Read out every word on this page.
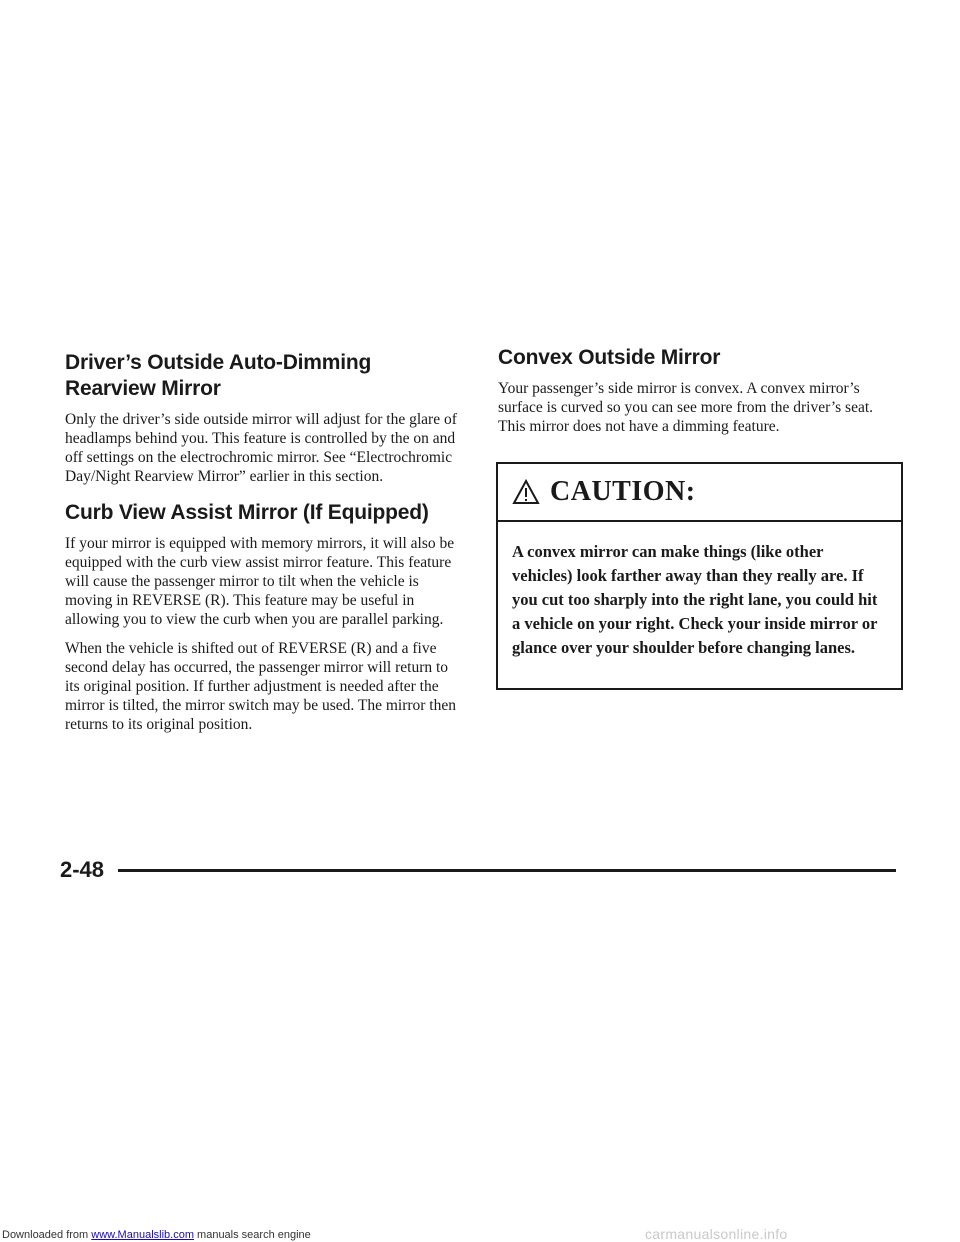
Driver’s Outside Auto-Dimming
Rearview Mirror

Only the driver’s side outside mirror will adjust for the glare of headlamps behind you. This feature is controlled by the on and off settings on the electrochromic mirror. See “Electrochromic Day/Night Rearview Mirror” earlier in this section.

Curb View Assist Mirror (If Equipped)

If your mirror is equipped with memory mirrors, it will also be equipped with the curb view assist mirror feature. This feature will cause the passenger mirror to tilt when the vehicle is moving in REVERSE (R). This feature may be useful in allowing you to view the curb when you are parallel parking.

When the vehicle is shifted out of REVERSE (R) and a five second delay has occurred, the passenger mirror will return to its original position. If further adjustment is needed after the mirror is tilted, the mirror switch may be used. The mirror then returns to its original position.

Convex Outside Mirror

Your passenger’s side mirror is convex. A convex mirror’s surface is curved so you can see more from the driver’s seat. This mirror does not have a dimming feature.

CAUTION:
A convex mirror can make things (like other vehicles) look farther away than they really are. If you cut too sharply into the right lane, you could hit a vehicle on your right. Check your inside mirror or glance over your shoulder before changing lanes.
2-48
Downloaded from www.Manualslib.com manuals search engine	carmanualsonline.info
